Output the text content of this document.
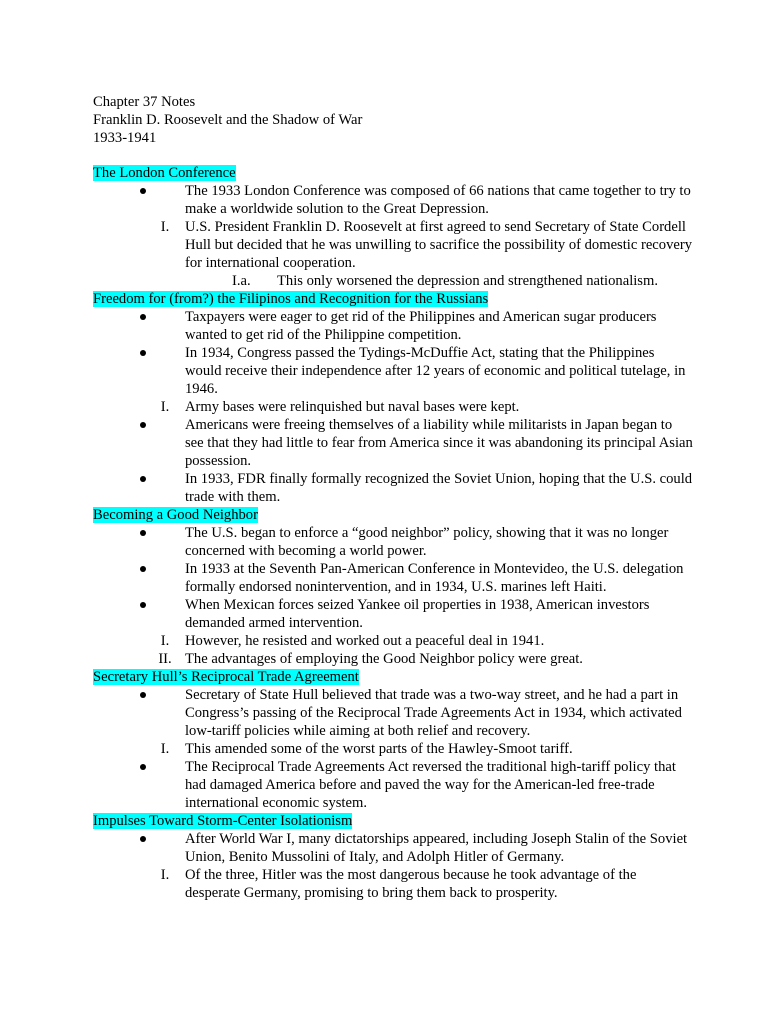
Chapter 37 Notes
Franklin D. Roosevelt and the Shadow of War
1933-1941
The London Conference
The 1933 London Conference was composed of 66 nations that came together to try to make a worldwide solution to the Great Depression.
I.	U.S. President Franklin D. Roosevelt at first agreed to send Secretary of State Cordell Hull but decided that he was unwilling to sacrifice the possibility of domestic recovery for international cooperation.
I.a.	This only worsened the depression and strengthened nationalism.
Freedom for (from?) the Filipinos and Recognition for the Russians
Taxpayers were eager to get rid of the Philippines and American sugar producers wanted to get rid of the Philippine competition.
In 1934, Congress passed the Tydings-McDuffie Act, stating that the Philippines would receive their independence after 12 years of economic and political tutelage, in 1946.
I.	Army bases were relinquished but naval bases were kept.
Americans were freeing themselves of a liability while militarists in Japan began to see that they had little to fear from America since it was abandoning its principal Asian possession.
In 1933, FDR finally formally recognized the Soviet Union, hoping that the U.S. could trade with them.
Becoming a Good Neighbor
The U.S. began to enforce a “good neighbor” policy, showing that it was no longer concerned with becoming a world power.
In 1933 at the Seventh Pan-American Conference in Montevideo, the U.S. delegation formally endorsed nonintervention, and in 1934, U.S. marines left Haiti.
When Mexican forces seized Yankee oil properties in 1938, American investors demanded armed intervention.
I.	However, he resisted and worked out a peaceful deal in 1941.
II. The advantages of employing the Good Neighbor policy were great.
Secretary Hull’s Reciprocal Trade Agreement
Secretary of State Hull believed that trade was a two-way street, and he had a part in Congress’s passing of the Reciprocal Trade Agreements Act in 1934, which activated low-tariff policies while aiming at both relief and recovery.
I.	This amended some of the worst parts of the Hawley-Smoot tariff.
The Reciprocal Trade Agreements Act reversed the traditional high-tariff policy that had damaged America before and paved the way for the American-led free-trade international economic system.
Impulses Toward Storm-Center Isolationism
After World War I, many dictatorships appeared, including Joseph Stalin of the Soviet Union, Benito Mussolini of Italy, and Adolph Hitler of Germany.
I.	Of the three, Hitler was the most dangerous because he took advantage of the desperate Germany, promising to bring them back to prosperity.
